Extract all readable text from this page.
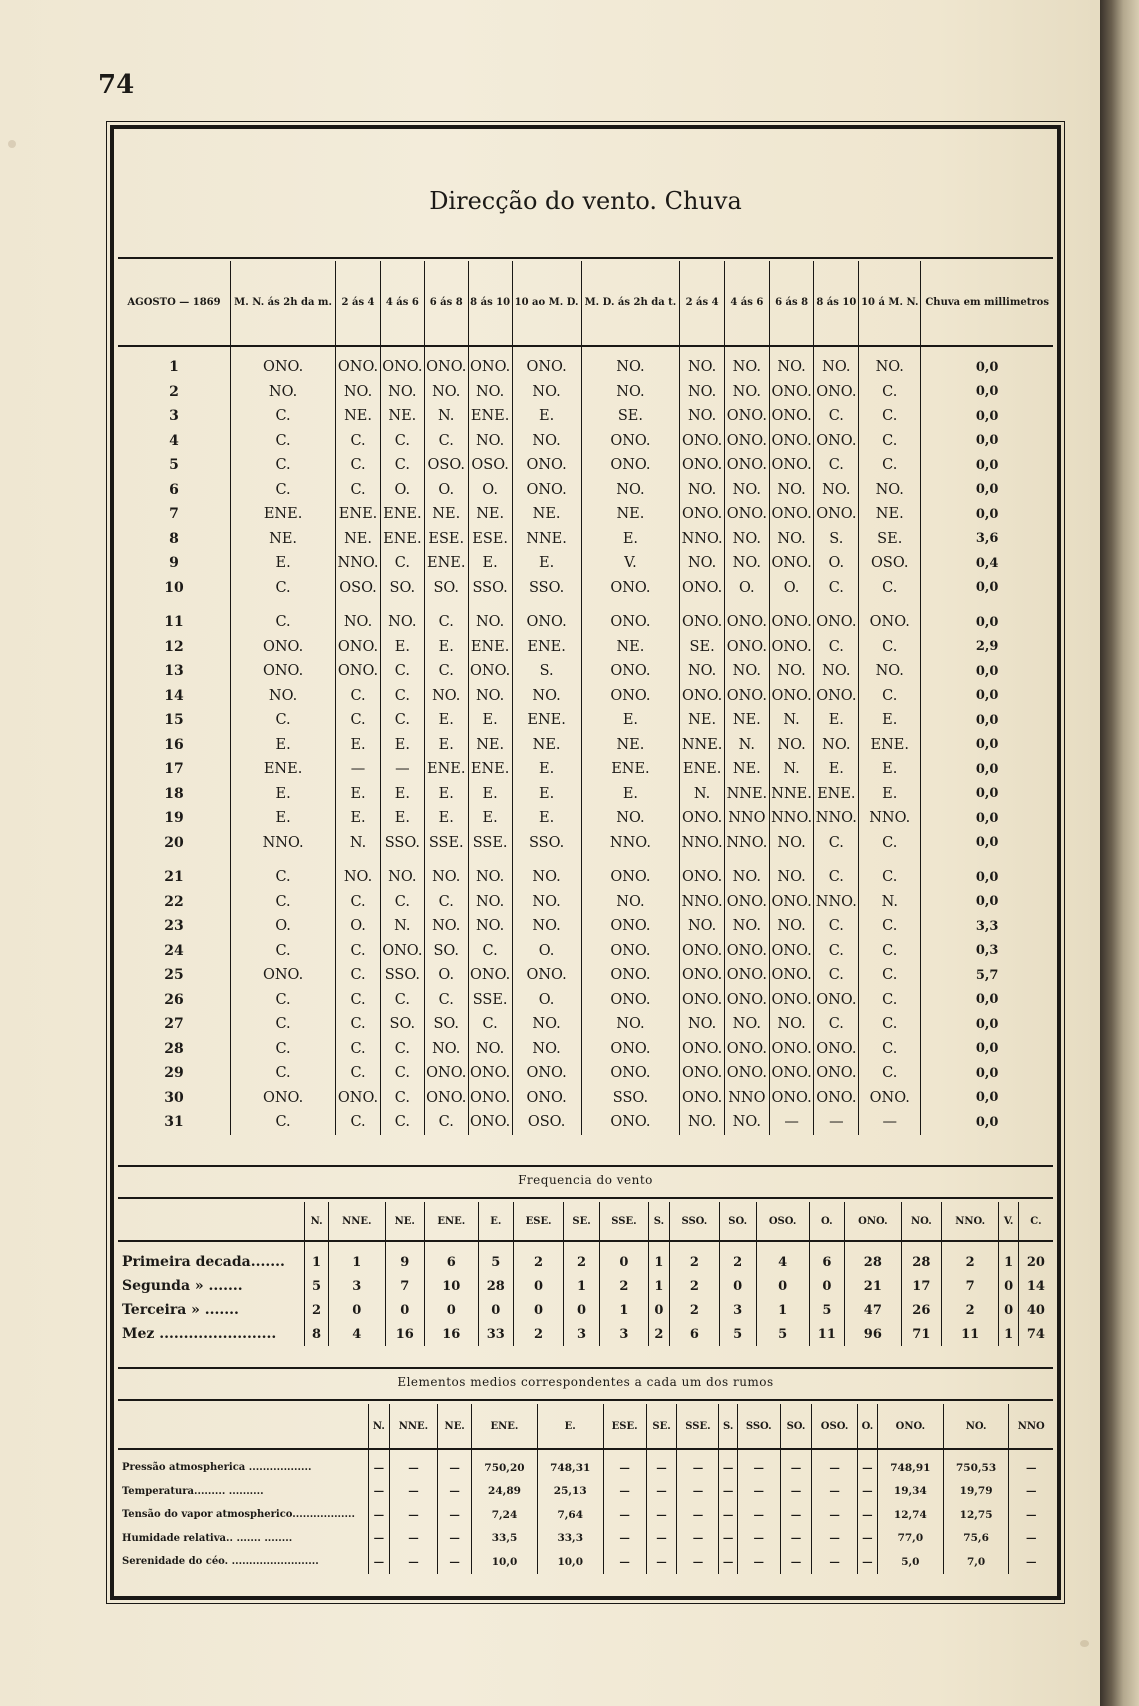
74
Direcção do vento. Chuva
AGOSTO — 1869	M. N. ás 2h da m.	2 ás 4	4 ás 6	6 ás 8	8 ás 10	10 ao M. D.	M. D. ás 2h da t.	2 ás 4	4 ás 6	6 ás 8	8 ás 10	10 á M. N.	Chuva em millimetros
1	ONO.	ONO.	ONO.	ONO.	ONO.	ONO.	NO.	NO.	NO.	NO.	NO.	NO.	0,0
2	NO.	NO.	NO.	NO.	NO.	NO.	NO.	NO.	NO.	ONO.	ONO.	C.	0,0
3	C.	NE.	NE.	N.	ENE.	E.	SE.	NO.	ONO.	ONO.	C.	C.	0,0
4	C.	C.	C.	C.	NO.	NO.	ONO.	ONO.	ONO.	ONO.	ONO.	C.	0,0
5	C.	C.	C.	OSO.	OSO.	ONO.	ONO.	ONO.	ONO.	ONO.	C.	C.	0,0
6	C.	C.	O.	O.	O.	ONO.	NO.	NO.	NO.	NO.	NO.	NO.	0,0
7	ENE.	ENE.	ENE.	NE.	NE.	NE.	NE.	ONO.	ONO.	ONO.	ONO.	NE.	0,0
8	NE.	NE.	ENE.	ESE.	ESE.	NNE.	E.	NNO.	NO.	NO.	S.	SE.	3,6
9	E.	NNO.	C.	ENE.	E.	E.	V.	NO.	NO.	ONO.	O.	OSO.	0,4
10	C.	OSO.	SO.	SO.	SSO.	SSO.	ONO.	ONO.	O.	O.	C.	C.	0,0
11	C.	NO.	NO.	C.	NO.	ONO.	ONO.	ONO.	ONO.	ONO.	ONO.	ONO.	0,0
12	ONO.	ONO.	E.	E.	ENE.	ENE.	NE.	SE.	ONO.	ONO.	C.	C.	2,9
13	ONO.	ONO.	C.	C.	ONO.	S.	ONO.	NO.	NO.	NO.	NO.	NO.	0,0
14	NO.	C.	C.	NO.	NO.	NO.	ONO.	ONO.	ONO.	ONO.	ONO.	C.	0,0
15	C.	C.	C.	E.	E.	ENE.	E.	NE.	NE.	N.	E.	E.	0,0
16	E.	E.	E.	E.	NE.	NE.	NE.	NNE.	N.	NO.	NO.	ENE.	0,0
17	ENE.	—	—	ENE.	ENE.	E.	ENE.	ENE.	NE.	N.	E.	E.	0,0
18	E.	E.	E.	E.	E.	E.	E.	N.	NNE.	NNE.	ENE.	E.	0,0
19	E.	E.	E.	E.	E.	E.	NO.	ONO.	NNO	NNO.	NNO.	NNO.	0,0
20	NNO.	N.	SSO.	SSE.	SSE.	SSO.	NNO.	NNO.	NNO.	NO.	C.	C.	0,0
21	C.	NO.	NO.	NO.	NO.	NO.	ONO.	ONO.	NO.	NO.	C.	C.	0,0
22	C.	C.	C.	C.	NO.	NO.	NO.	NNO.	ONO.	ONO.	NNO.	N.	0,0
23	O.	O.	N.	NO.	NO.	NO.	ONO.	NO.	NO.	NO.	C.	C.	3,3
24	C.	C.	ONO.	SO.	C.	O.	ONO.	ONO.	ONO.	ONO.	C.	C.	0,3
25	ONO.	C.	SSO.	O.	ONO.	ONO.	ONO.	ONO.	ONO.	ONO.	C.	C.	5,7
26	C.	C.	C.	C.	SSE.	O.	ONO.	ONO.	ONO.	ONO.	ONO.	C.	0,0
27	C.	C.	SO.	SO.	C.	NO.	NO.	NO.	NO.	NO.	C.	C.	0,0
28	C.	C.	C.	NO.	NO.	NO.	ONO.	ONO.	ONO.	ONO.	ONO.	C.	0,0
29	C.	C.	C.	ONO.	ONO.	ONO.	ONO.	ONO.	ONO.	ONO.	ONO.	C.	0,0
30	ONO.	ONO.	C.	ONO.	ONO.	ONO.	SSO.	ONO.	NNO	ONO.	ONO.	ONO.	0,0
31	C.	C.	C.	C.	ONO.	OSO.	ONO.	NO.	NO.	—	—	—	0,0
Frequencia do vento
	N.	NNE.	NE.	ENE.	E.	ESE.	SE.	SSE.	S.	SSO.	SO.	OSO.	O.	ONO.	NO.	NNO.	V.	C.
Primeira decada.......	1	1	9	6	5	2	2	0	1	2	2	4	6	28	28	2	1	20
Segunda » .......	5	3	7	10	28	0	1	2	1	2	0	0	0	21	17	7	0	14
Terceira » .......	2	0	0	0	0	0	0	1	0	2	3	1	5	47	26	2	0	40
Mez ........................	8	4	16	16	33	2	3	3	2	6	5	5	11	96	71	11	1	74
Elementos medios correspondentes a cada um dos rumos
	N.	NNE.	NE.	ENE.	E.	ESE.	SE.	SSE.	S.	SSO.	SO.	OSO.	O.	ONO.	NO.	NNO
Pressão atmospherica ..................	—	—	—	750,20	748,31	—	—	—	—	—	—	—	—	748,91	750,53	—
Temperatura......... ..........	—	—	—	24,89	25,13	—	—	—	—	—	—	—	—	19,34	19,79	—
Tensão do vapor atmospherico..................	—	—	—	7,24	7,64	—	—	—	—	—	—	—	—	12,74	12,75	—
Humidade relativa.. ....... ........	—	—	—	33,5	33,3	—	—	—	—	—	—	—	—	77,0	75,6	—
Serenidade do céo. .........................	—	—	—	10,0	10,0	—	—	—	—	—	—	—	—	5,0	7,0	—
